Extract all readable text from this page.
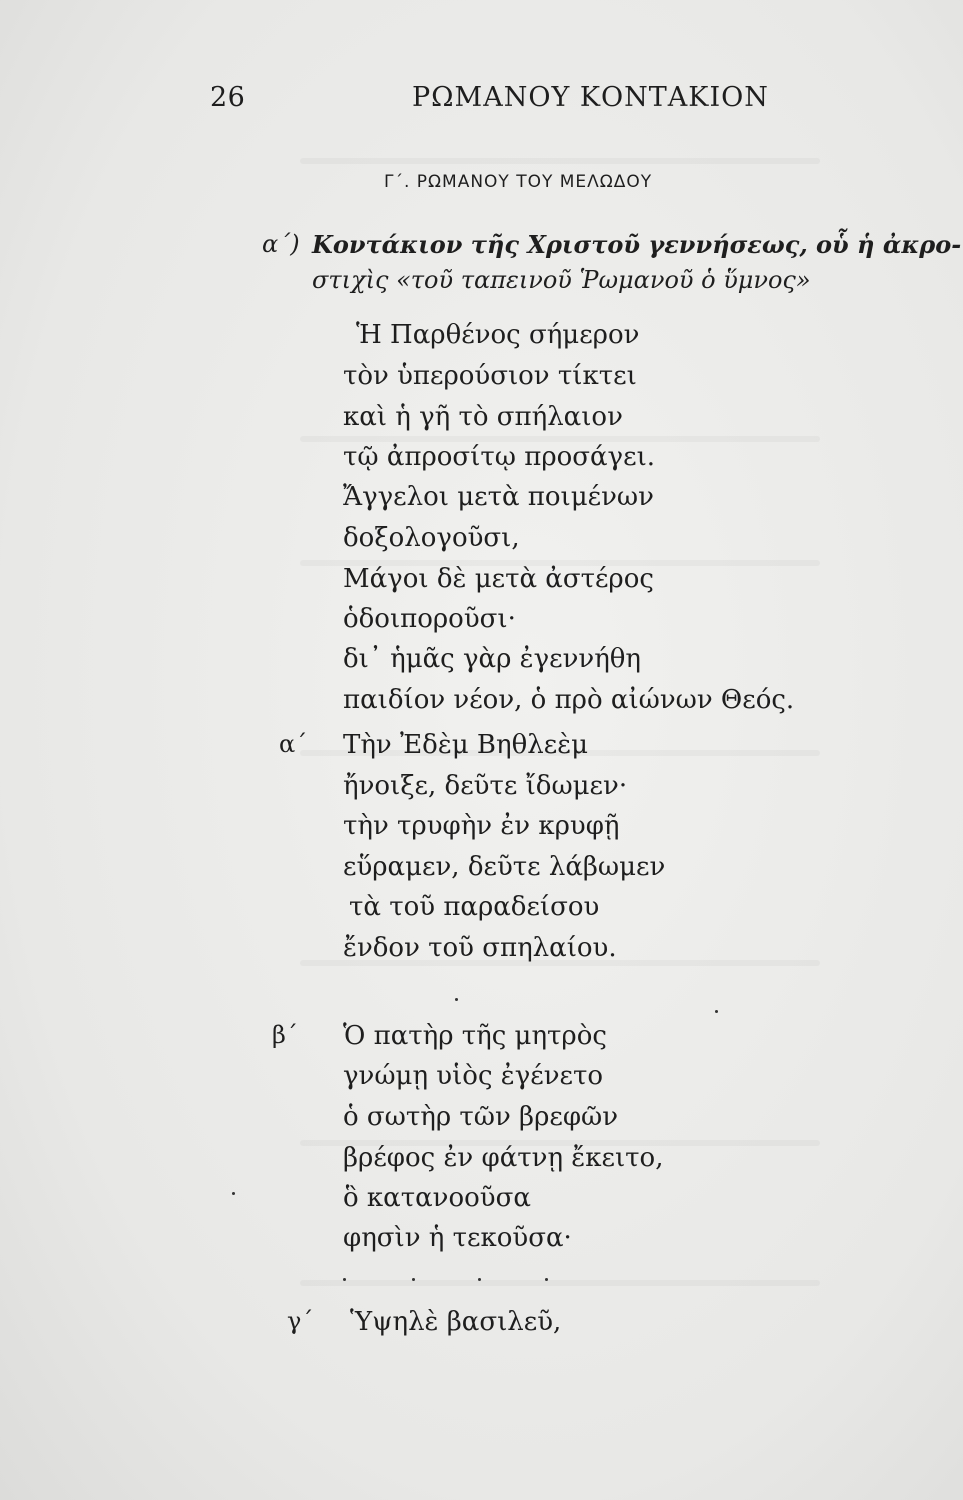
26	ΡΩΜΑΝΟΥ ΚΟΝΤΑΚΙΟΝ
Γ΄. ΡΩΜΑΝΟΥ ΤΟΥ ΜΕΛΩΔΟΥ
α΄) Κοντάκιον τῆς Χριστοῦ γεννήσεως, οὗ ἡ ἀκρο-
στιχὶς «τοῦ ταπεινοῦ Ῥωμανοῦ ὁ ὕμνος»
Ἡ Παρθένος σήμερον
τὸν ὑπερούσιον τίκτει
καὶ ἡ γῆ τὸ σπήλαιον
τῷ ἀπροσίτῳ προσάγει.
Ἄγγελοι μετὰ ποιμένων
δοξολογοῦσι,
Μάγοι δὲ μετὰ ἀστέρος
ὁδοιποροῦσι·
δι᾿ ἡμᾶς γὰρ ἐγεννήθη
παιδίον νέον, ὁ πρὸ αἰώνων Θεός.
α΄ Τὴν Ἐδὲμ Βηθλεὲμ
ἤνοιξε, δεῦτε ἴδωμεν·
τὴν τρυφὴν ἐν κρυφῇ
εὕραμεν, δεῦτε λάβωμεν
τὰ τοῦ παραδείσου
ἔνδον τοῦ σπηλαίου.
β΄ Ὁ πατὴρ τῆς μητρὸς
γνώμῃ υἱὸς ἐγένετο
ὁ σωτὴρ τῶν βρεφῶν
βρέφος ἐν φάτνῃ ἔκειτο,
ὃ κατανοοῦσα
φησὶν ἡ τεκοῦσα·
γ΄ Ὑψηλὲ βασιλεῦ,
